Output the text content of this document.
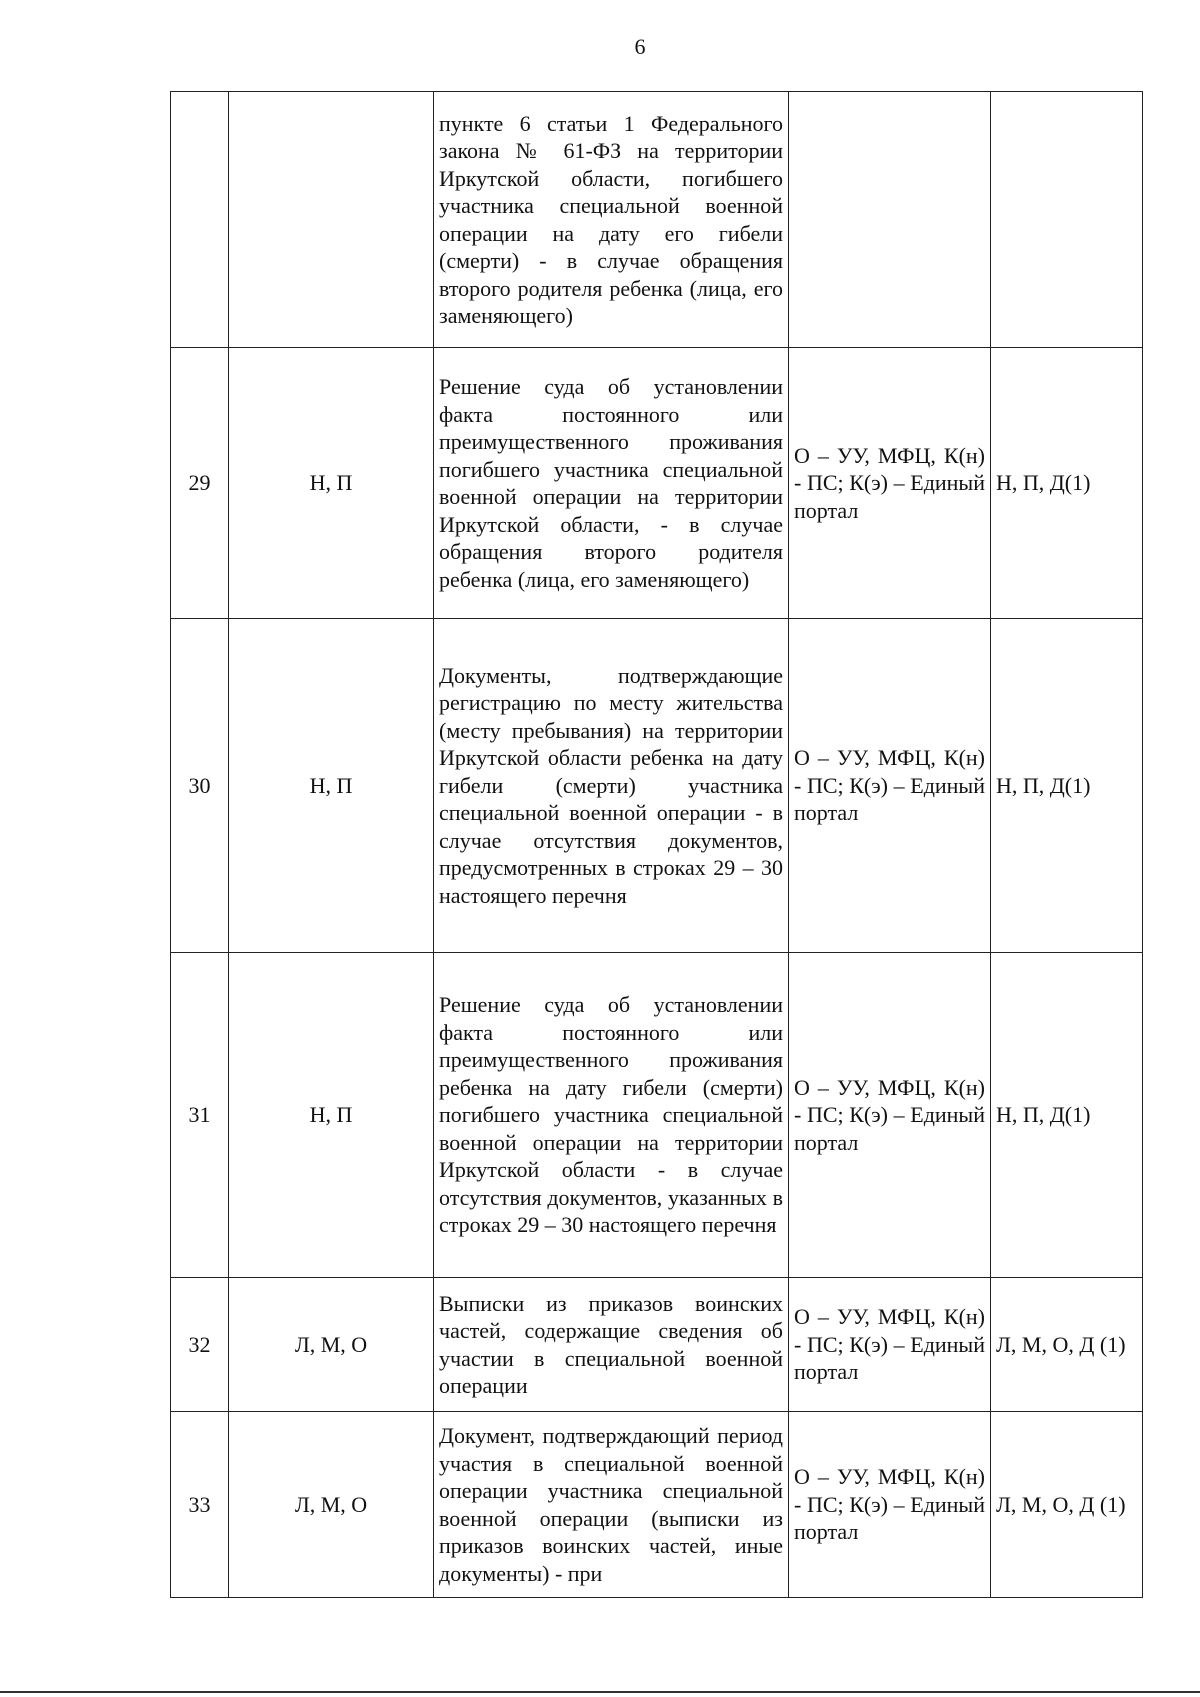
6
		пункте 6 статьи 1 Федерального закона № 61-ФЗ на территории Иркутской области, погибшего участника специальной военной операции на дату его гибели (смерти) - в случае обращения второго родителя ребенка (лица, его заменяющего)		
29	Н, П	Решение суда об установлении факта постоянного или преимущественного проживания погибшего участника специальной военной операции на территории Иркутской области, - в случае обращения второго родителя ребенка (лица, его заменяющего)	О – УУ, МФЦ, К(н) - ПС; К(э) – Единый портал	Н, П, Д(1)
30	Н, П	Документы, подтверждающие регистрацию по месту жительства (месту пребывания) на территории Иркутской области ребенка на дату гибели (смерти) участника специальной военной операции - в случае отсутствия документов, предусмотренных в строках 29 – 30 настоящего перечня	О – УУ, МФЦ, К(н) - ПС; К(э) – Единый портал	Н, П, Д(1)
31	Н, П	Решение суда об установлении факта постоянного или преимущественного проживания ребенка на дату гибели (смерти) погибшего участника специальной военной операции на территории Иркутской области - в случае отсутствия документов, указанных в строках 29 – 30 настоящего перечня	О – УУ, МФЦ, К(н) - ПС; К(э) – Единый портал	Н, П, Д(1)
32	Л, М, О	Выписки из приказов воинских частей, содержащие сведения об участии в специальной военной операции	О – УУ, МФЦ, К(н) - ПС; К(э) – Единый портал	Л, М, О, Д (1)
33	Л, М, О	Документ, подтверждающий период участия в специальной военной операции участника специальной военной операции (выписки из приказов воинских частей, иные документы) - при	О – УУ, МФЦ, К(н) - ПС; К(э) – Единый портал	Л, М, О, Д (1)
